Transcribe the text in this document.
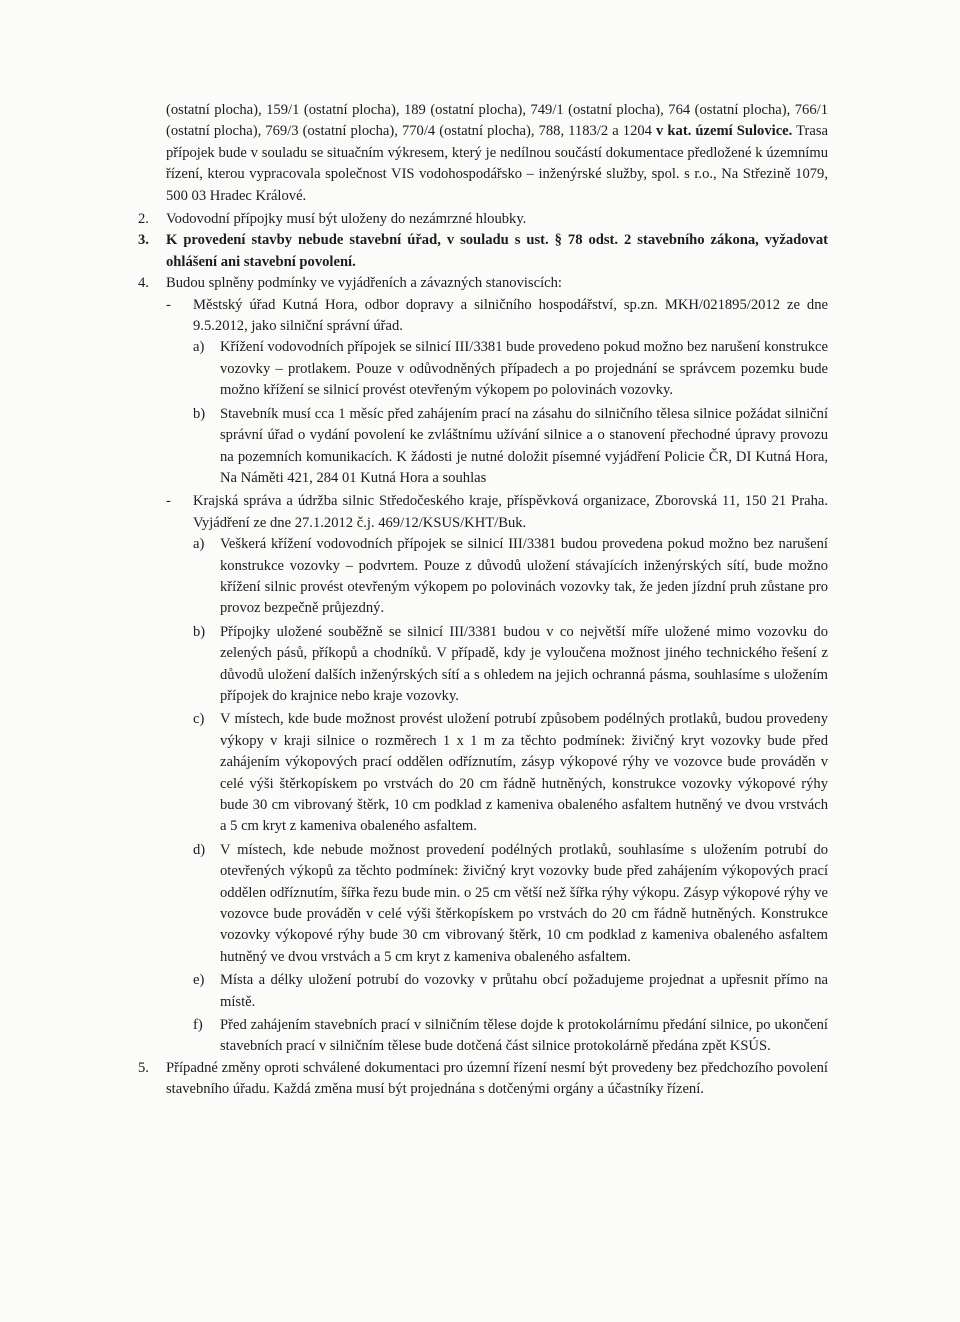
(ostatní plocha), 159/1 (ostatní plocha), 189 (ostatní plocha), 749/1 (ostatní plocha), 764 (ostatní plocha), 766/1 (ostatní plocha), 769/3 (ostatní plocha), 770/4 (ostatní plocha), 788, 1183/2 a 1204 v kat. území Sulovice. Trasa přípojek bude v souladu se situačním výkresem, který je nedílnou součástí dokumentace předložené k územnímu řízení, kterou vypracovala společnost VIS vodohospodářsko – inženýrské služby, spol. s r.o., Na Střezině 1079, 500 03 Hradec Králové.

2. Vodovodní přípojky musí být uloženy do nezámrzné hloubky.

3. K provedení stavby nebude stavební úřad, v souladu s ust. § 78 odst. 2 stavebního zákona, vyžadovat ohlášení ani stavební povolení.

4. Budou splněny podmínky ve vyjádřeních a závazných stanoviscích:

- Městský úřad Kutná Hora, odbor dopravy a silničního hospodářství, sp.zn. MKH/021895/2012 ze dne 9.5.2012, jako silniční správní úřad.

a) Křížení vodovodních přípojek se silnicí III/3381 bude provedeno pokud možno bez narušení konstrukce vozovky – protlakem. Pouze v odůvodněných případech a po projednání se správcem pozemku bude možno křížení se silnicí provést otevřeným výkopem po polovinách vozovky.

b) Stavebník musí cca 1 měsíc před zahájením prací na zásahu do silničního tělesa silnice požádat silniční správní úřad o vydání povolení ke zvláštnímu užívání silnice a o stanovení přechodné úpravy provozu na pozemních komunikacích. K žádosti je nutné doložit písemné vyjádření Policie ČR, DI Kutná Hora, Na Náměti 421, 284 01 Kutná Hora a souhlas

- Krajská správa a údržba silnic Středočeského kraje, příspěvková organizace, Zborovská 11, 150 21 Praha. Vyjádření ze dne 27.1.2012 č.j. 469/12/KSUS/KHT/Buk.

a) Veškerá křížení vodovodních přípojek se silnicí III/3381 budou provedena pokud možno bez narušení konstrukce vozovky – podvrtem. Pouze z důvodů uložení stávajících inženýrských sítí, bude možno křížení silnic provést otevřeným výkopem po polovinách vozovky tak, že jeden jízdní pruh zůstane pro provoz bezpečně průjezdný.

b) Přípojky uložené souběžně se silnicí III/3381 budou v co největší míře uložené mimo vozovku do zelených pásů, příkopů a chodníků. V případě, kdy je vyloučena možnost jiného technického řešení z důvodů uložení dalších inženýrských sítí a s ohledem na jejich ochranná pásma, souhlasíme s uložením přípojek do krajnice nebo kraje vozovky.

c) V místech, kde bude možnost provést uložení potrubí způsobem podélných protlaků, budou provedeny výkopy v kraji silnice o rozměrech 1 x 1 m za těchto podmínek: živičný kryt vozovky bude před zahájením výkopových prací oddělen odříznutím, zásyp výkopové rýhy ve vozovce bude prováděn v celé výši štěrkopískem po vrstvách do 20 cm řádně hutněných, konstrukce vozovky výkopové rýhy bude 30 cm vibrovaný štěrk, 10 cm podklad z kameniva obaleného asfaltem hutněný ve dvou vrstvách a 5 cm kryt z kameniva obaleného asfaltem.

d) V místech, kde nebude možnost provedení podélných protlaků, souhlasíme s uložením potrubí do otevřených výkopů za těchto podmínek: živičný kryt vozovky bude před zahájením výkopových prací oddělen odříznutím, šířka řezu bude min. o 25 cm větší než šířka rýhy výkopu. Zásyp výkopové rýhy ve vozovce bude prováděn v celé výši štěrkopískem po vrstvách do 20 cm řádně hutněných. Konstrukce vozovky výkopové rýhy bude 30 cm vibrovaný štěrk, 10 cm podklad z kameniva obaleného asfaltem hutněný ve dvou vrstvách a 5 cm kryt z kameniva obaleného asfaltem.

e) Místa a délky uložení potrubí do vozovky v průtahu obcí požadujeme projednat a upřesnit přímo na místě.

f) Před zahájením stavebních prací v silničním tělese dojde k protokolárnímu předání silnice, po ukončení stavebních prací v silničním tělese bude dotčená část silnice protokolárně předána zpět KSÚS.

5. Případné změny oproti schválené dokumentaci pro územní řízení nesmí být provedeny bez předchozího povolení stavebního úřadu. Každá změna musí být projednána s dotčenými orgány a účastníky řízení.
